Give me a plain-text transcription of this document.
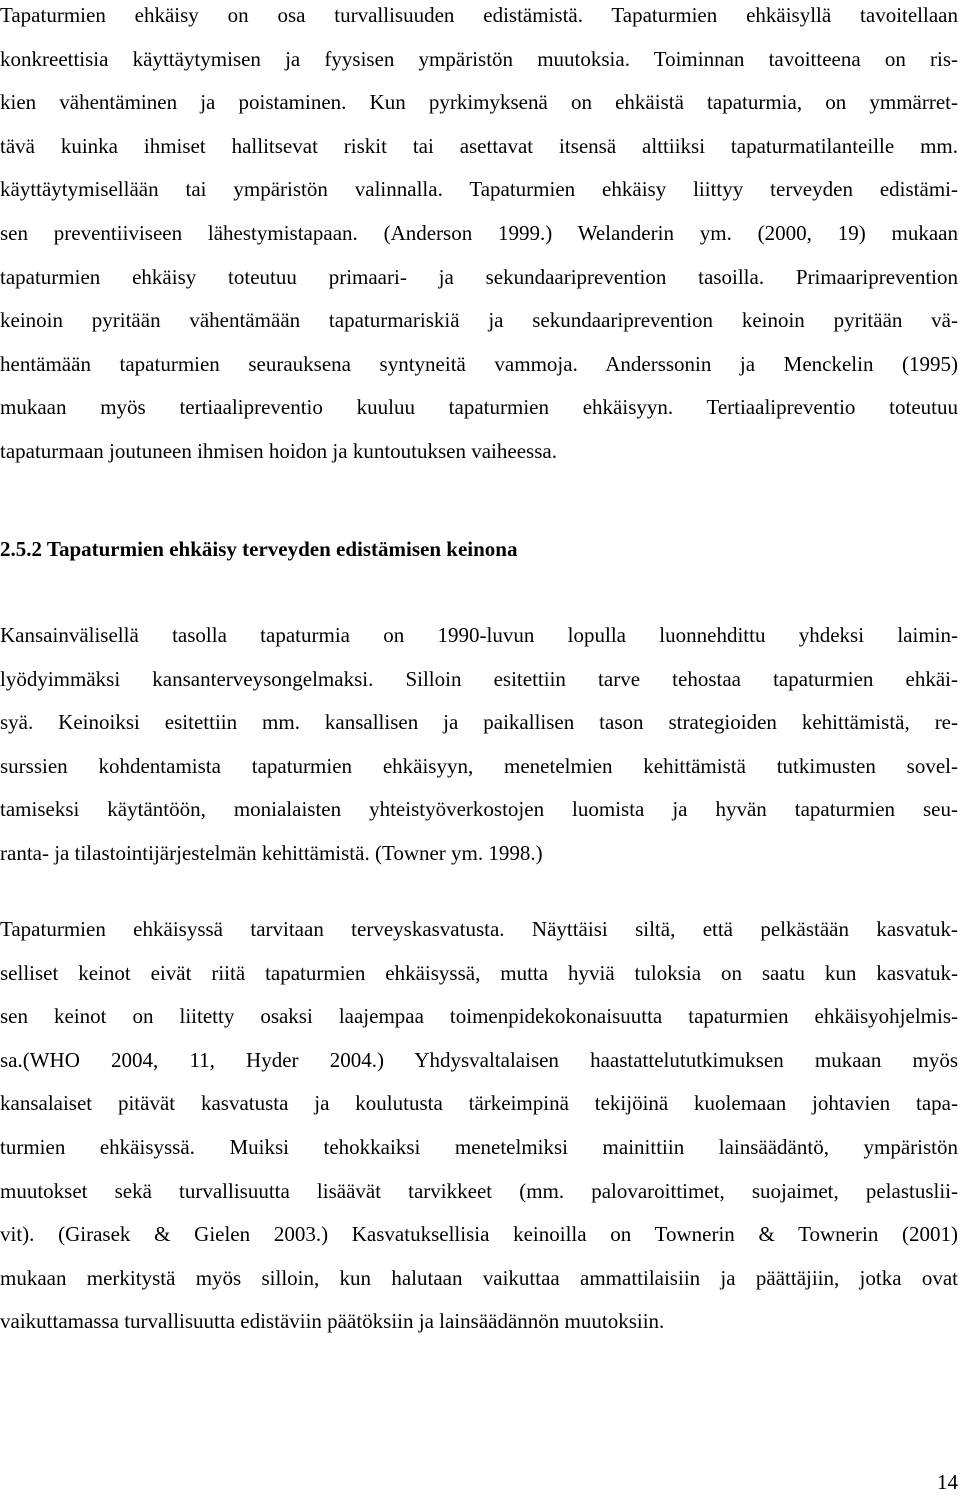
Tapaturmien ehkäisy on osa turvallisuuden edistämistä. Tapaturmien ehkäisyllä tavoitellaan
konkreettisia käyttäytymisen ja fyysisen ympäristön muutoksia. Toiminnan tavoitteena on ris-
kien vähentäminen ja poistaminen. Kun pyrkimyksenä on ehkäistä tapaturmia, on ymmärret-
tävä kuinka ihmiset hallitsevat riskit tai asettavat itsensä alttiiksi tapaturmatilanteille mm.
käyttäytymisellään tai ympäristön valinnalla. Tapaturmien ehkäisy liittyy terveyden edistämi-
sen preventiiviseen lähestymistapaan. (Anderson 1999.) Welanderin ym. (2000, 19) mukaan
tapaturmien ehkäisy toteutuu primaari- ja sekundaariprevention tasoilla. Primaariprevention
keinoin pyritään vähentämään tapaturmariskiä ja sekundaariprevention keinoin pyritään vä-
hentämään tapaturmien seurauksena syntyneitä vammoja. Anderssonin ja Menckelin (1995)
mukaan myös tertiaalipreventio kuuluu tapaturmien ehkäisyyn. Tertiaalipreventio toteutuu
tapaturmaan joutuneen ihmisen hoidon ja kuntoutuksen vaiheessa.
2.5.2 Tapaturmien ehkäisy terveyden edistämisen keinona
Kansainvälisellä tasolla tapaturmia on 1990-luvun lopulla luonnehdittu yhdeksi laimin-
lyödyimmäksi kansanterveysongelmaksi. Silloin esitettiin tarve tehostaa tapaturmien ehkäi-
syä. Keinoiksi esitettiin mm. kansallisen ja paikallisen tason strategioiden kehittämistä, re-
surssien kohdentamista tapaturmien ehkäisyyn, menetelmien kehittämistä tutkimusten sovel-
tamiseksi käytäntöön, monialaisten yhteistyöverkostojen luomista ja hyvän tapaturmien seu-
ranta- ja tilastointijärjestelmän kehittämistä. (Towner ym. 1998.)
Tapaturmien ehkäisyssä tarvitaan terveyskasvatusta. Näyttäisi siltä, että pelkästään kasvatuk-
selliset keinot eivät riitä tapaturmien ehkäisyssä, mutta hyviä tuloksia on saatu kun kasvatuk-
sen keinot on liitetty osaksi laajempaa toimenpidekokonaisuutta tapaturmien ehkäisyohjelmis-
sa.(WHO 2004, 11, Hyder 2004.) Yhdysvaltalaisen haastattelututkimuksen mukaan myös
kansalaiset pitävät kasvatusta ja koulutusta tärkeimpinä tekijöinä kuolemaan johtavien tapa-
turmien ehkäisyssä. Muiksi tehokkaiksi menetelmiksi mainittiin lainsäädäntö, ympäristön
muutokset sekä turvallisuutta lisäävät tarvikkeet (mm. palovaroittimet, suojaimet, pelastuslii-
vit). (Girasek & Gielen 2003.) Kasvatuksellisia keinoilla on Townerin & Townerin (2001)
mukaan merkitystä myös silloin, kun halutaan vaikuttaa ammattilaisiin ja päättäjiin, jotka ovat
vaikuttamassa turvallisuutta edistäviin päätöksiin ja lainsäädännön muutoksiin.
14
